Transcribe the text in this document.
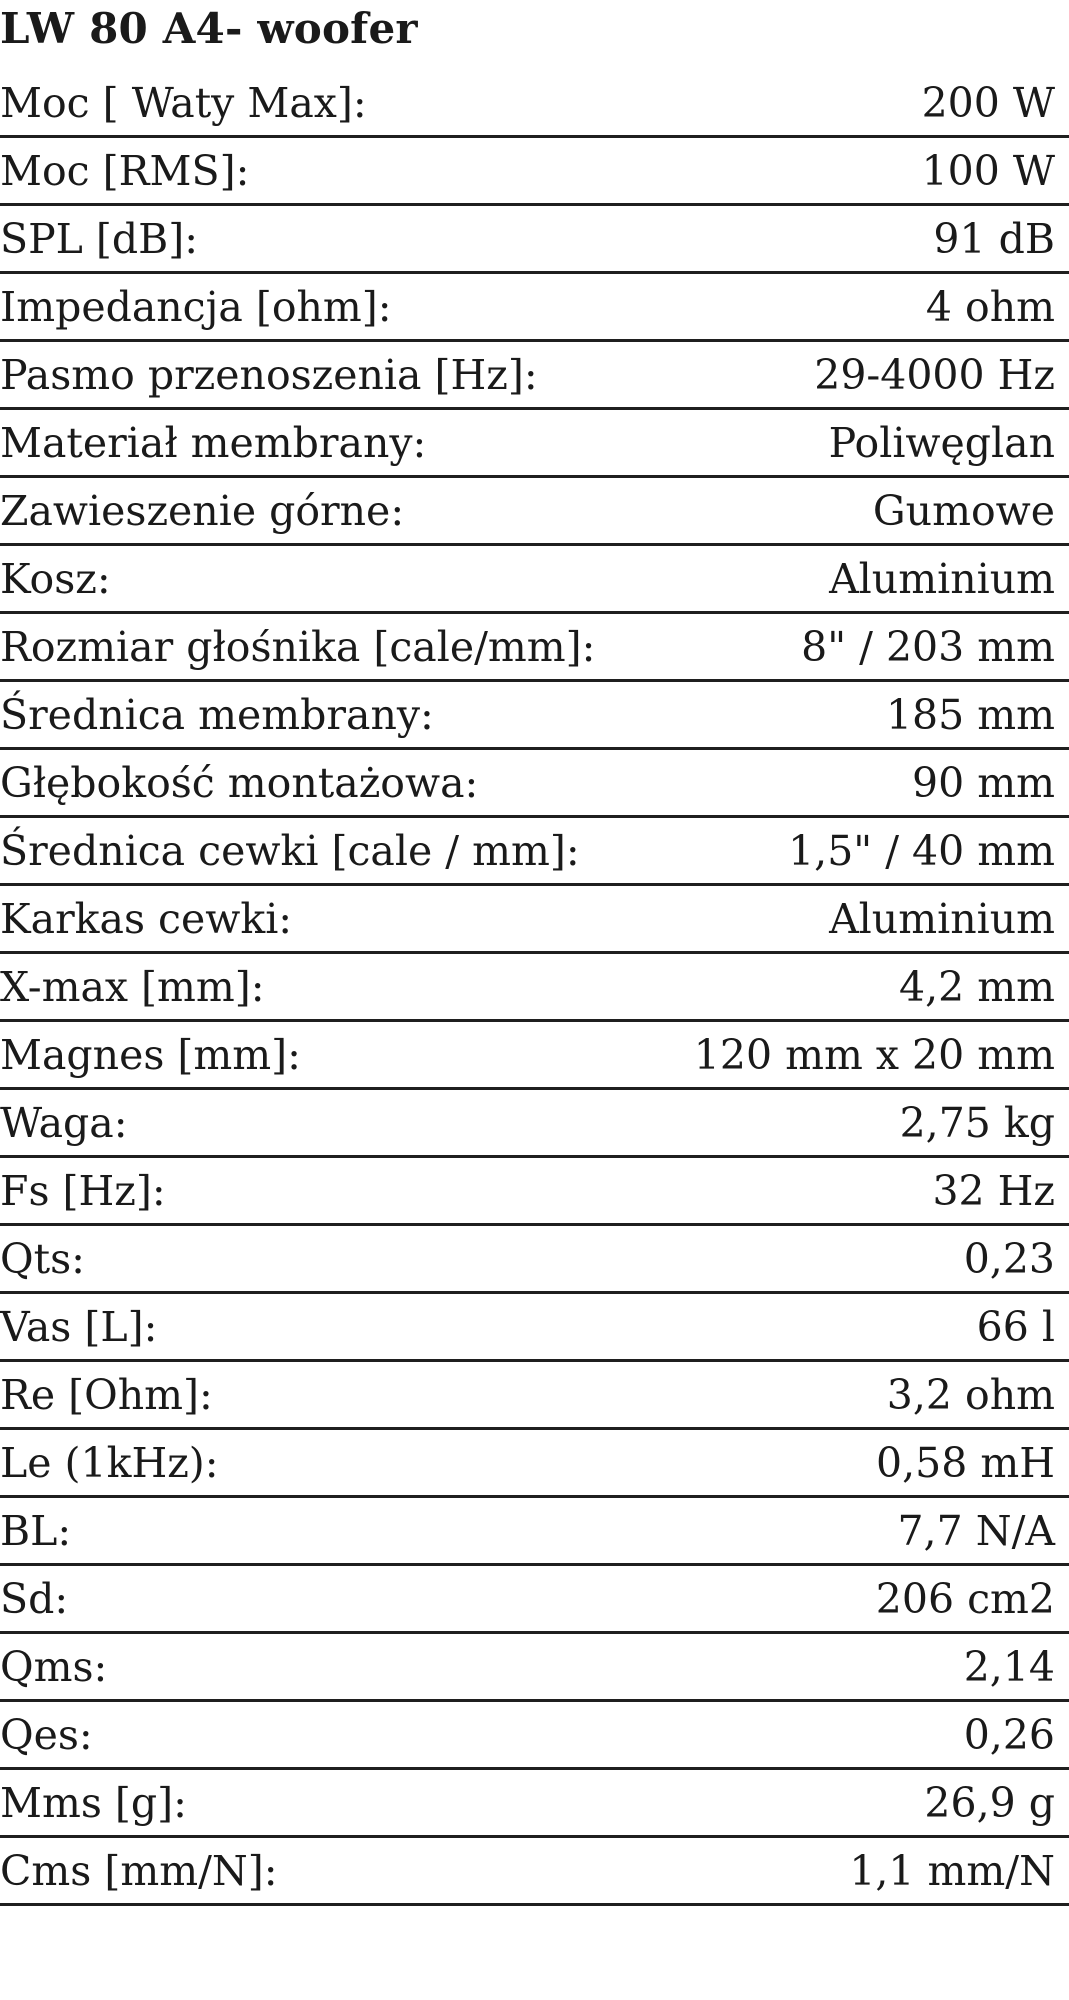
LW 80 A4- woofer
Moc [ Waty Max]:	200 W
Moc [RMS]:	100 W
SPL [dB]:	91 dB
Impedancja [ohm]:	4 ohm
Pasmo przenoszenia [Hz]:	29-4000 Hz
Materiał membrany:	Poliwęglan
Zawieszenie górne:	Gumowe
Kosz:	Aluminium
Rozmiar głośnika [cale/mm]:	8" / 203 mm
Średnica membrany:	185 mm
Głębokość montażowa:	90 mm
Średnica cewki [cale / mm]:	1,5" / 40 mm
Karkas cewki:	Aluminium
X-max [mm]:	4,2 mm
Magnes [mm]:	120 mm x 20 mm
Waga:	2,75 kg
Fs [Hz]:	32 Hz
Qts:	0,23
Vas [L]:	66 l
Re [Ohm]:	3,2 ohm
Le (1kHz):	0,58 mH
BL:	7,7 N/A
Sd:	206 cm2
Qms:	2,14
Qes:	0,26
Mms [g]:	26,9 g
Cms [mm/N]:	1,1 mm/N
